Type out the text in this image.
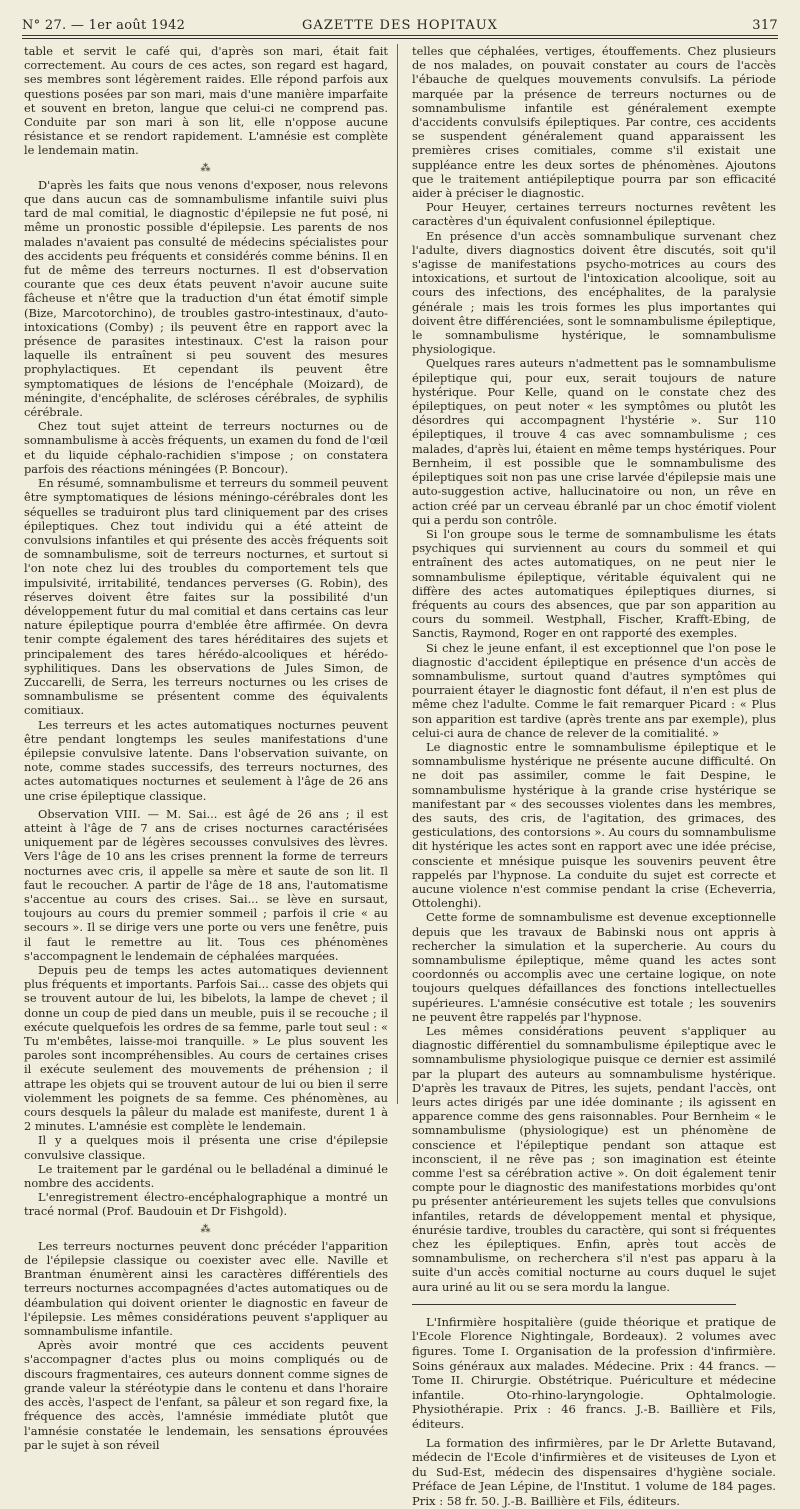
N° 27. — 1er août 1942	GAZETTE DES HOPITAUX	317

table et servit le café qui, d'après son mari, était fait correctement. Au cours de ces actes, son regard est hagard, ses membres sont légèrement raides. Elle répond parfois aux questions posées par son mari, mais d'une manière imparfaite et souvent en breton, langue que celui-ci ne comprend pas. Conduite par son mari à son lit, elle n'oppose aucune résistance et se rendort rapidement. L'amnésie est complète le lendemain matin.

⁂

D'après les faits que nous venons d'exposer, nous relevons que dans aucun cas de somnambulisme infantile suivi plus tard de mal comitial, le diagnostic d'épilepsie ne fut posé, ni même un pronostic possible d'épilepsie. Les parents de nos malades n'avaient pas consulté de médecins spécialistes pour des accidents peu fréquents et considérés comme bénins. Il en fut de même des terreurs nocturnes. Il est d'observation courante que ces deux états peuvent n'avoir aucune suite fâcheuse et n'être que la traduction d'un état émotif simple (Bize, Marcotorchino), de troubles gastro-intestinaux, d'auto-intoxications (Comby) ; ils peuvent être en rapport avec la présence de parasites intestinaux. C'est la raison pour laquelle ils entraînent si peu souvent des mesures prophylactiques. Et cependant ils peuvent être symptomatiques de lésions de l'encéphale (Moizard), de méningite, d'encéphalite, de scléroses cérébrales, de syphilis cérébrale.

Chez tout sujet atteint de terreurs nocturnes ou de somnambulisme à accès fréquents, un examen du fond de l'œil et du liquide céphalo-rachidien s'impose ; on constatera parfois des réactions méningées (P. Boncour).

En résumé, somnambulisme et terreurs du sommeil peuvent être symptomatiques de lésions méningo-cérébrales dont les séquelles se traduiront plus tard cliniquement par des crises épileptiques. Chez tout individu qui a été atteint de convulsions infantiles et qui présente des accès fréquents soit de somnambulisme, soit de terreurs nocturnes, et surtout si l'on note chez lui des troubles du comportement tels que impulsivité, irritabilité, tendances perverses (G. Robin), des réserves doivent être faites sur la possibilité d'un développement futur du mal comitial et dans certains cas leur nature épileptique pourra d'emblée être affirmée. On devra tenir compte également des tares héréditaires des sujets et principalement des tares hérédo-alcooliques et hérédo-syphilitiques. Dans les observations de Jules Simon, de Zuccarelli, de Serra, les terreurs nocturnes ou les crises de somnambulisme se présentent comme des équivalents comitiaux.

Les terreurs et les actes automatiques nocturnes peuvent être pendant longtemps les seules manifestations d'une épilepsie convulsive latente. Dans l'observation suivante, on note, comme stades successifs, des terreurs nocturnes, des actes automatiques nocturnes et seulement à l'âge de 26 ans une crise épileptique classique.

Observation VIII. — M. Sai... est âgé de 26 ans ; il est atteint à l'âge de 7 ans de crises nocturnes caractérisées uniquement par de légères secousses convulsives des lèvres. Vers l'âge de 10 ans les crises prennent la forme de terreurs nocturnes avec cris, il appelle sa mère et saute de son lit. Il faut le recoucher. A partir de l'âge de 18 ans, l'automatisme s'accentue au cours des crises. Sai... se lève en sursaut, toujours au cours du premier sommeil ; parfois il crie « au secours ». Il se dirige vers une porte ou vers une fenêtre, puis il faut le remettre au lit. Tous ces phénomènes s'accompagnent le lendemain de céphalées marquées.

Depuis peu de temps les actes automatiques deviennent plus fréquents et importants. Parfois Sai... casse des objets qui se trouvent autour de lui, les bibelots, la lampe de chevet ; il donne un coup de pied dans un meuble, puis il se recouche ; il exécute quelquefois les ordres de sa femme, parle tout seul : « Tu m'embêtes, laisse-moi tranquille. » Le plus souvent les paroles sont incompréhensibles. Au cours de certaines crises il exécute seulement des mouvements de préhension ; il attrape les objets qui se trouvent autour de lui ou bien il serre violemment les poignets de sa femme. Ces phénomènes, au cours desquels la pâleur du malade est manifeste, durent 1 à 2 minutes. L'amnésie est complète le lendemain.

Il y a quelques mois il présenta une crise d'épilepsie convulsive classique.

Le traitement par le gardénal ou le belladénal a diminué le nombre des accidents.

L'enregistrement électro-encéphalographique a montré un tracé normal (Prof. Baudouin et Dr Fishgold).

⁂

Les terreurs nocturnes peuvent donc précéder l'apparition de l'épilepsie classique ou coexister avec elle. Naville et Brantman énumèrent ainsi les caractères différentiels des terreurs nocturnes accompagnées d'actes automatiques ou de déambulation qui doivent orienter le diagnostic en faveur de l'épilepsie. Les mêmes considérations peuvent s'appliquer au somnambulisme infantile.

Après avoir montré que ces accidents peuvent s'accompagner d'actes plus ou moins compliqués ou de discours fragmentaires, ces auteurs donnent comme signes de grande valeur la stéréotypie dans le contenu et dans l'horaire des accès, l'aspect de l'enfant, sa pâleur et son regard fixe, la fréquence des accès, l'amnésie immédiate plutôt que l'amnésie constatée le lendemain, les sensations éprouvées par le sujet à son réveil

telles que céphalées, vertiges, étouffements. Chez plusieurs de nos malades, on pouvait constater au cours de l'accès l'ébauche de quelques mouvements convulsifs. La période marquée par la présence de terreurs nocturnes ou de somnambulisme infantile est généralement exempte d'accidents convulsifs épileptiques. Par contre, ces accidents se suspendent généralement quand apparaissent les premières crises comitiales, comme s'il existait une suppléance entre les deux sortes de phénomènes. Ajoutons que le traitement antiépileptique pourra par son efficacité aider à préciser le diagnostic.

Pour Heuyer, certaines terreurs nocturnes revêtent les caractères d'un équivalent confusionnel épileptique.

En présence d'un accès somnambulique survenant chez l'adulte, divers diagnostics doivent être discutés, soit qu'il s'agisse de manifestations psycho-motrices au cours des intoxications, et surtout de l'intoxication alcoolique, soit au cours des infections, des encéphalites, de la paralysie générale ; mais les trois formes les plus importantes qui doivent être différenciées, sont le somnambulisme épileptique, le somnambulisme hystérique, le somnambulisme physiologique.

Quelques rares auteurs n'admettent pas le somnambulisme épileptique qui, pour eux, serait toujours de nature hystérique. Pour Kelle, quand on le constate chez des épileptiques, on peut noter « les symptômes ou plutôt les désordres qui accompagnent l'hystérie ». Sur 110 épileptiques, il trouve 4 cas avec somnambulisme ; ces malades, d'après lui, étaient en même temps hystériques. Pour Bernheim, il est possible que le somnambulisme des épileptiques soit non pas une crise larvée d'épilepsie mais une auto-suggestion active, hallucinatoire ou non, un rêve en action créé par un cerveau ébranlé par un choc émotif violent qui a perdu son contrôle.

Si l'on groupe sous le terme de somnambulisme les états psychiques qui surviennent au cours du sommeil et qui entraînent des actes automatiques, on ne peut nier le somnambulisme épileptique, véritable équivalent qui ne diffère des actes automatiques épileptiques diurnes, si fréquents au cours des absences, que par son apparition au cours du sommeil. Westphall, Fischer, Krafft-Ebing, de Sanctis, Raymond, Roger en ont rapporté des exemples.

Si chez le jeune enfant, il est exceptionnel que l'on pose le diagnostic d'accident épileptique en présence d'un accès de somnambulisme, surtout quand d'autres symptômes qui pourraient étayer le diagnostic font défaut, il n'en est plus de même chez l'adulte. Comme le fait remarquer Picard : « Plus son apparition est tardive (après trente ans par exemple), plus celui-ci aura de chance de relever de la comitialité. »

Le diagnostic entre le somnambulisme épileptique et le somnambulisme hystérique ne présente aucune difficulté. On ne doit pas assimiler, comme le fait Despine, le somnambulisme hystérique à la grande crise hystérique se manifestant par « des secousses violentes dans les membres, des sauts, des cris, de l'agitation, des grimaces, des gesticulations, des contorsions ». Au cours du somnambulisme dit hystérique les actes sont en rapport avec une idée précise, consciente et mnésique puisque les souvenirs peuvent être rappelés par l'hypnose. La conduite du sujet est correcte et aucune violence n'est commise pendant la crise (Echeverria, Ottolenghi).

Cette forme de somnambulisme est devenue exceptionnelle depuis que les travaux de Babinski nous ont appris à rechercher la simulation et la supercherie. Au cours du somnambulisme épileptique, même quand les actes sont coordonnés ou accomplis avec une certaine logique, on note toujours quelques défaillances des fonctions intellectuelles supérieures. L'amnésie consécutive est totale ; les souvenirs ne peuvent être rappelés par l'hypnose.

Les mêmes considérations peuvent s'appliquer au diagnostic différentiel du somnambulisme épileptique avec le somnambulisme physiologique puisque ce dernier est assimilé par la plupart des auteurs au somnambulisme hystérique. D'après les travaux de Pitres, les sujets, pendant l'accès, ont leurs actes dirigés par une idée dominante ; ils agissent en apparence comme des gens raisonnables. Pour Bernheim « le somnambulisme (physiologique) est un phénomène de conscience et l'épileptique pendant son attaque est inconscient, il ne rêve pas ; son imagination est éteinte comme l'est sa cérébration active ». On doit également tenir compte pour le diagnostic des manifestations morbides qu'ont pu présenter antérieurement les sujets telles que convulsions infantiles, retards de développement mental et physique, énurésie tardive, troubles du caractère, qui sont si fréquentes chez les épileptiques. Enfin, après tout accès de somnambulisme, on recherchera s'il n'est pas apparu à la suite d'un accès comitial nocturne au cours duquel le sujet aura uriné au lit ou se sera mordu la langue.

L'Infirmière hospitalière (guide théorique et pratique de l'Ecole Florence Nightingale, Bordeaux). 2 volumes avec figures. Tome I. Organisation de la profession d'infirmière. Soins généraux aux malades. Médecine. Prix : 44 francs. — Tome II. Chirurgie. Obstétrique. Puériculture et médecine infantile. Oto-rhino-laryngologie. Ophtalmologie. Physiothérapie. Prix : 46 francs. J.-B. Baillière et Fils, éditeurs.

La formation des infirmières, par le Dr Arlette Butavand, médecin de l'Ecole d'infirmières et de visiteuses de Lyon et du Sud-Est, médecin des dispensaires d'hygiène sociale. Préface de Jean Lépine, de l'Institut. 1 volume de 184 pages. Prix : 58 fr. 50. J.-B. Baillière et Fils, éditeurs.
